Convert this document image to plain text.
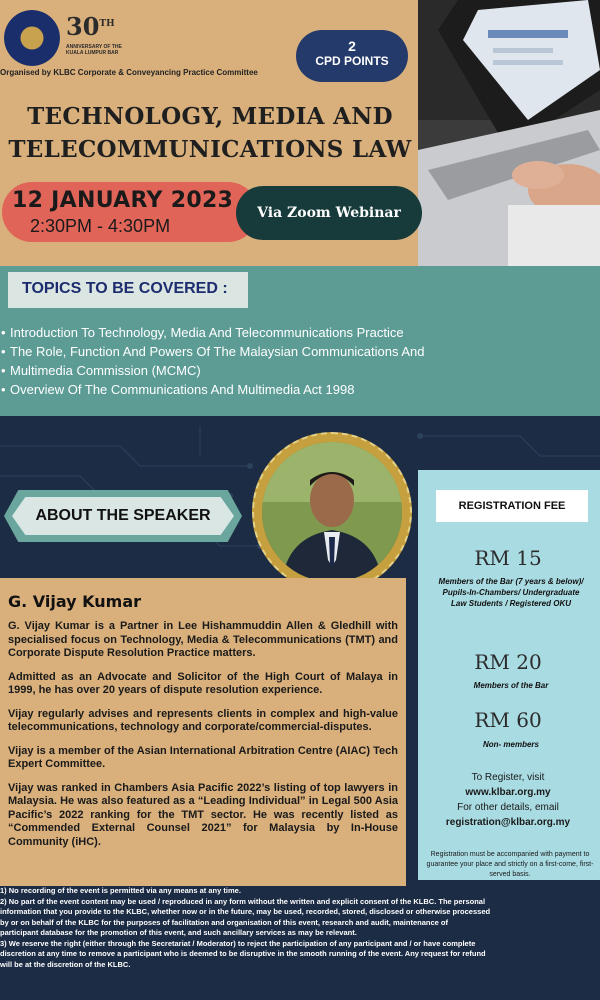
30TH
ANNIVERSARY OF THE KUALA LUMPUR BAR
Organised by KLBC Corporate & Conveyancing Practice Committee
2
CPD POINTS
TECHNOLOGY, MEDIA AND
TELECOMMUNICATIONS LAW
12 JANUARY 2023
2:30PM - 4:30PM
Via Zoom Webinar
TOPICS TO BE COVERED :
• Introduction To Technology, Media And Telecommunications Practice
• The Role, Function And Powers Of The Malaysian Communications And
• Multimedia Commission (MCMC)
• Overview Of The Communications And Multimedia Act 1998
ABOUT THE SPEAKER
G. Vijay Kumar

G. Vijay Kumar is a Partner in Lee Hishammuddin Allen & Gledhill with specialised focus on Technology, Media & Telecommunications (TMT) and Corporate Dispute Resolution Practice matters.

Admitted as an Advocate and Solicitor of the High Court of Malaya in 1999, he has over 20 years of dispute resolution experience.

Vijay regularly advises and represents clients in complex and high-value telecommunications, technology and corporate/commercial-disputes.

Vijay is a member of the Asian International Arbitration Centre (AIAC) Tech Expert Committee.

Vijay was ranked in Chambers Asia Pacific 2022’s listing of top lawyers in Malaysia. He was also featured as a “Leading Individual” in Legal 500 Asia Pacific’s 2022 ranking for the TMT sector. He was recently listed as “Commended External Counsel 2021” for Malaysia by In-House Community (iHC).

REGISTRATION FEE
RM 15
Members of the Bar (7 years & below)/ Pupils-In-Chambers/ Undergraduate Law Students / Registered OKU
RM 20
Members of the Bar
RM 60
Non- members
To Register, visit
www.klbar.org.my
For other details, email
registration@klbar.org.my
Registration must be accompanied with payment to guarantee your place and strictly on a first-come, first-served basis.

1) No recording of the event is permitted via any means at any time.

2) No part of the event content may be used / reproduced in any form without the written and explicit consent of the KLBC. The personal

information that you provide to the KLBC, whether now or in the future, may be used, recorded, stored, disclosed or otherwise processed

by or on behalf of the KLBC for the purposes of facilitation and organisation of this event, research and audit, maintenance of

participant database for the promotion of this event, and such ancillary services as may be relevant.

3) We reserve the right (either through the Secretariat / Moderator) to reject the participation of any participant and / or have complete

discretion at any time to remove a participant who is deemed to be disruptive in the smooth running of the event. Any request for refund

will be at the discretion of the KLBC.
